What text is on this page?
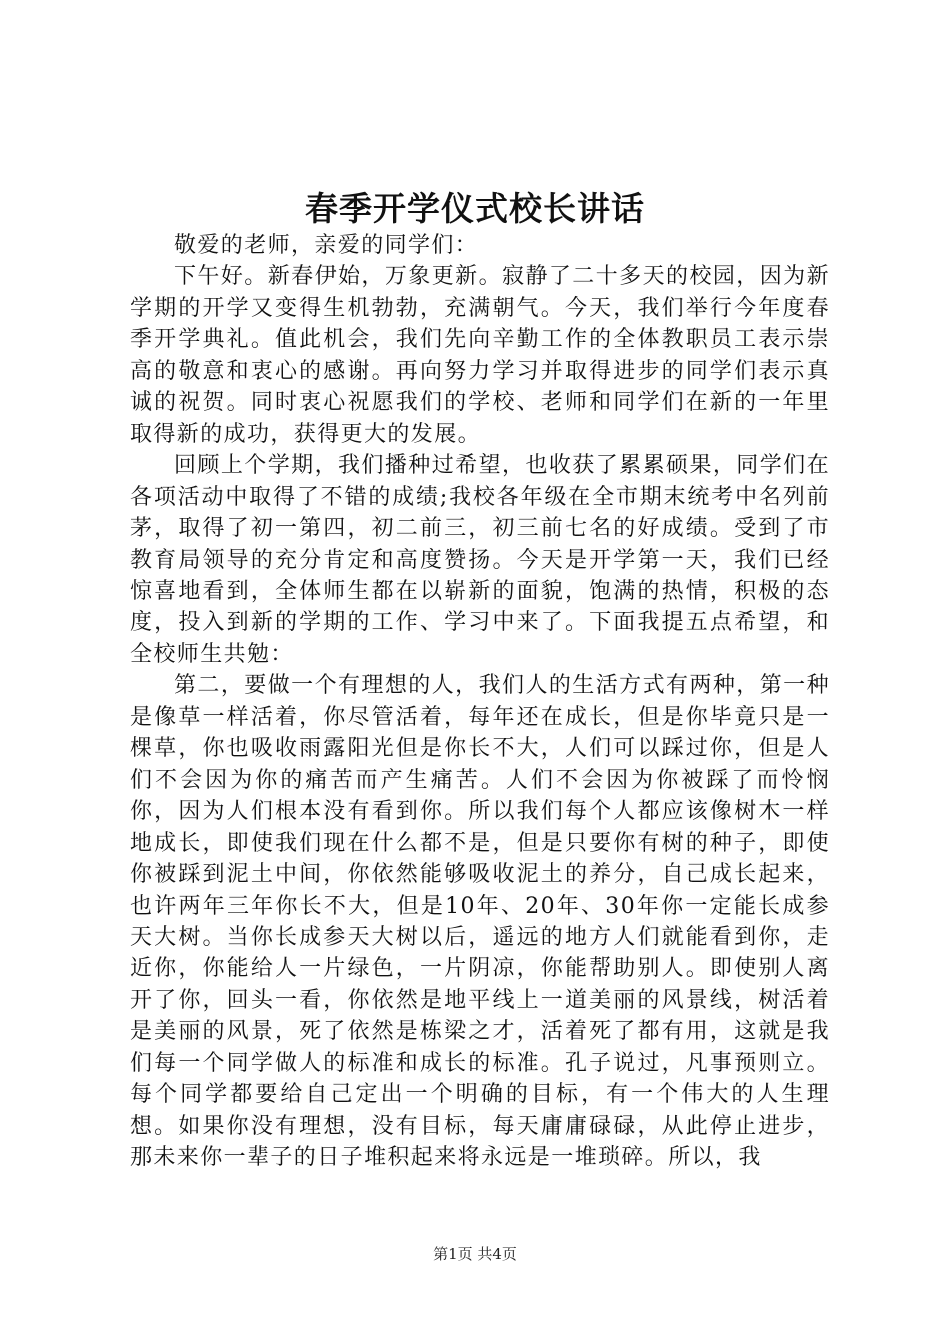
春季开学仪式校长讲话

敬爱的老师，亲爱的同学们：

下午好。新春伊始，万象更新。寂静了二十多天的校园，因为新学期的开学又变得生机勃勃，充满朝气。今天，我们举行今年度春季开学典礼。值此机会，我们先向辛勤工作的全体教职员工表示崇高的敬意和衷心的感谢。再向努力学习并取得进步的同学们表示真诚的祝贺。同时衷心祝愿我们的学校、老师和同学们在新的一年里取得新的成功，获得更大的发展。

回顾上个学期，我们播种过希望，也收获了累累硕果，同学们在各项活动中取得了不错的成绩;我校各年级在全市期末统考中名列前茅，取得了初一第四，初二前三，初三前七名的好成绩。受到了市教育局领导的充分肯定和高度赞扬。今天是开学第一天，我们已经惊喜地看到，全体师生都在以崭新的面貌，饱满的热情，积极的态度，投入到新的学期的工作、学习中来了。下面我提五点希望，和全校师生共勉：

第二，要做一个有理想的人，我们人的生活方式有两种，第一种是像草一样活着，你尽管活着，每年还在成长，但是你毕竟只是一棵草，你也吸收雨露阳光但是你长不大，人们可以踩过你，但是人们不会因为你的痛苦而产生痛苦。人们不会因为你被踩了而怜悯你，因为人们根本没有看到你。所以我们每个人都应该像树木一样地成长，即使我们现在什么都不是，但是只要你有树的种子，即使你被踩到泥土中间，你依然能够吸收泥土的养分，自己成长起来，也许两年三年你长不大，但是10年、20年、30年你一定能长成参天大树。当你长成参天大树以后，遥远的地方人们就能看到你，走近你，你能给人一片绿色，一片阴凉，你能帮助别人。即使别人离开了你，回头一看，你依然是地平线上一道美丽的风景线，树活着是美丽的风景，死了依然是栋梁之才，活着死了都有用，这就是我们每一个同学做人的标准和成长的标准。孔子说过，凡事预则立。每个同学都要给自己定出一个明确的目标，有一个伟大的人生理想。如果你没有理想，没有目标，每天庸庸碌碌，从此停止进步，那未来你一辈子的日子堆积起来将永远是一堆琐碎。所以，我

第1页 共4页
